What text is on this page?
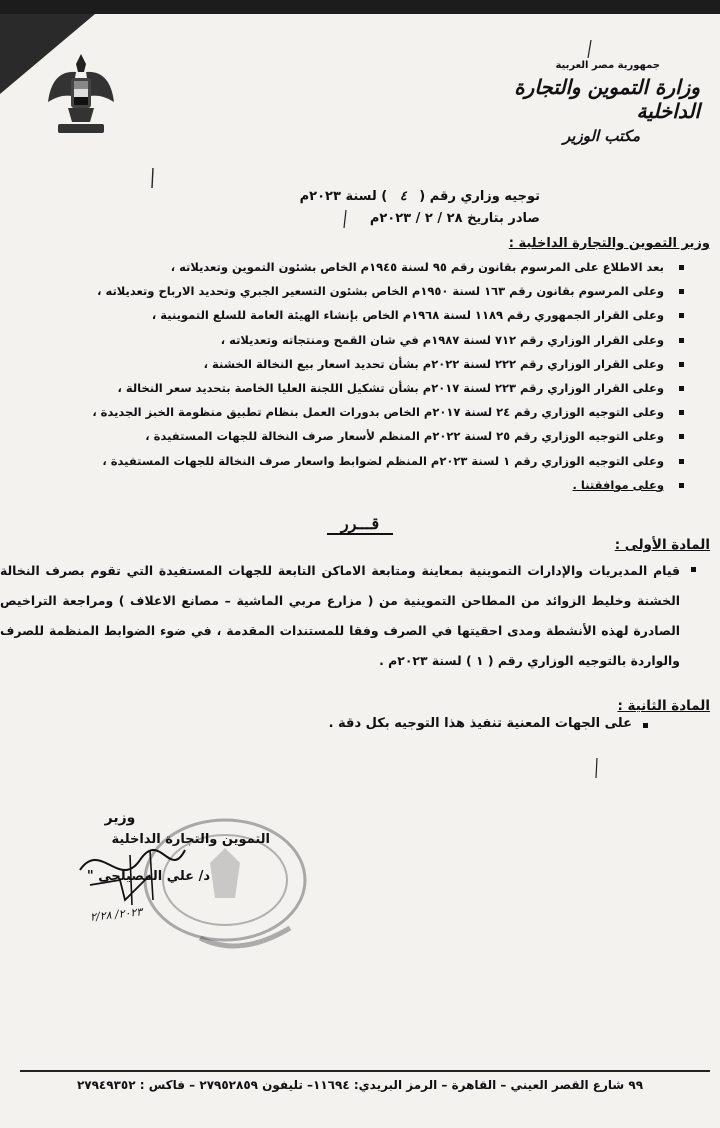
جمهورية مصر العربية
وزارة التموين والتجارة الداخلية
مكتب الوزير
توجيه وزاري رقم ( ٤ ) لسنة ٢٠٢٣م
صادر بتاريخ ٢٨ / ٢ / ٢٠٢٣م
وزير التموين والتجارة الداخلية :
بعد الاطلاع على المرسوم بقانون رقم ٩٥ لسنة ١٩٤٥م الخاص بشئون التموين وتعديلاته ،
وعلى المرسوم بقانون رقم ١٦٣ لسنة ١٩٥٠م الخاص بشئون التسعير الجبري وتحديد الارباح وتعديلاته ،
وعلى القرار الجمهوري رقم ١١٨٩ لسنة ١٩٦٨م الخاص بإنشاء الهيئة العامة للسلع التموينية ،
وعلى القرار الوزاري رقم ٧١٢ لسنة ١٩٨٧م في شان القمح ومنتجاته وتعديلاته ،
وعلى القرار الوزاري رقم ٢٢٢ لسنة ٢٠٢٢م بشأن تحديد اسعار بيع النخالة الخشنة ،
وعلى القرار الوزاري رقم ٢٢٣ لسنة ٢٠١٧م بشأن تشكيل اللجنة العليا الخاصة بتحديد سعر النخالة ،
وعلى التوجيه الوزاري رقم ٢٤ لسنة ٢٠١٧م الخاص بدورات العمل بنظام تطبيق منظومة الخبز الجديدة ،
وعلى التوجيه الوزاري رقم ٢٥ لسنة ٢٠٢٢م المنظم لأسعار صرف النخالة للجهات المستفيدة ،
وعلى التوجيه الوزاري رقم ١ لسنة ٢٠٢٣م المنظم لضوابط واسعار صرف النخالة للجهات المستفيدة ،
وعلى موافقتنا .
قـــرر
المادة الأولى :
قيام المديريات والإدارات التموينية بمعاينة ومتابعة الاماكن التابعة للجهات المستفيدة التي تقوم بصرف النخالة الخشنة وخليط الزوائد من المطاحن التموينية من ( مزارع مربي الماشية – مصانع الاعلاف ) ومراجعة التراخيص الصادرة لهذه الأنشطة ومدى احقيتها في الصرف وفقا للمستندات المقدمة ، في ضوء الضوابط المنظمة للصرف والواردة بالتوجيه الوزاري رقم ( ١ ) لسنة ٢٠٢٣م .
المادة الثانية :
على الجهات المعنية تنفيذ هذا التوجيه بكل دقة .
وزير
التموين والتجارة الداخلية
د/ علي المصيلحي "
٢٠٢٣/ ٢/٢٨
٩٩ شارع القصر العيني – القاهرة – الرمز البريدي: ١١٦٩٤– تليفون ٢٧٩٥٢٨٥٩ – فاكس : ٢٧٩٤٩٣٥٢
